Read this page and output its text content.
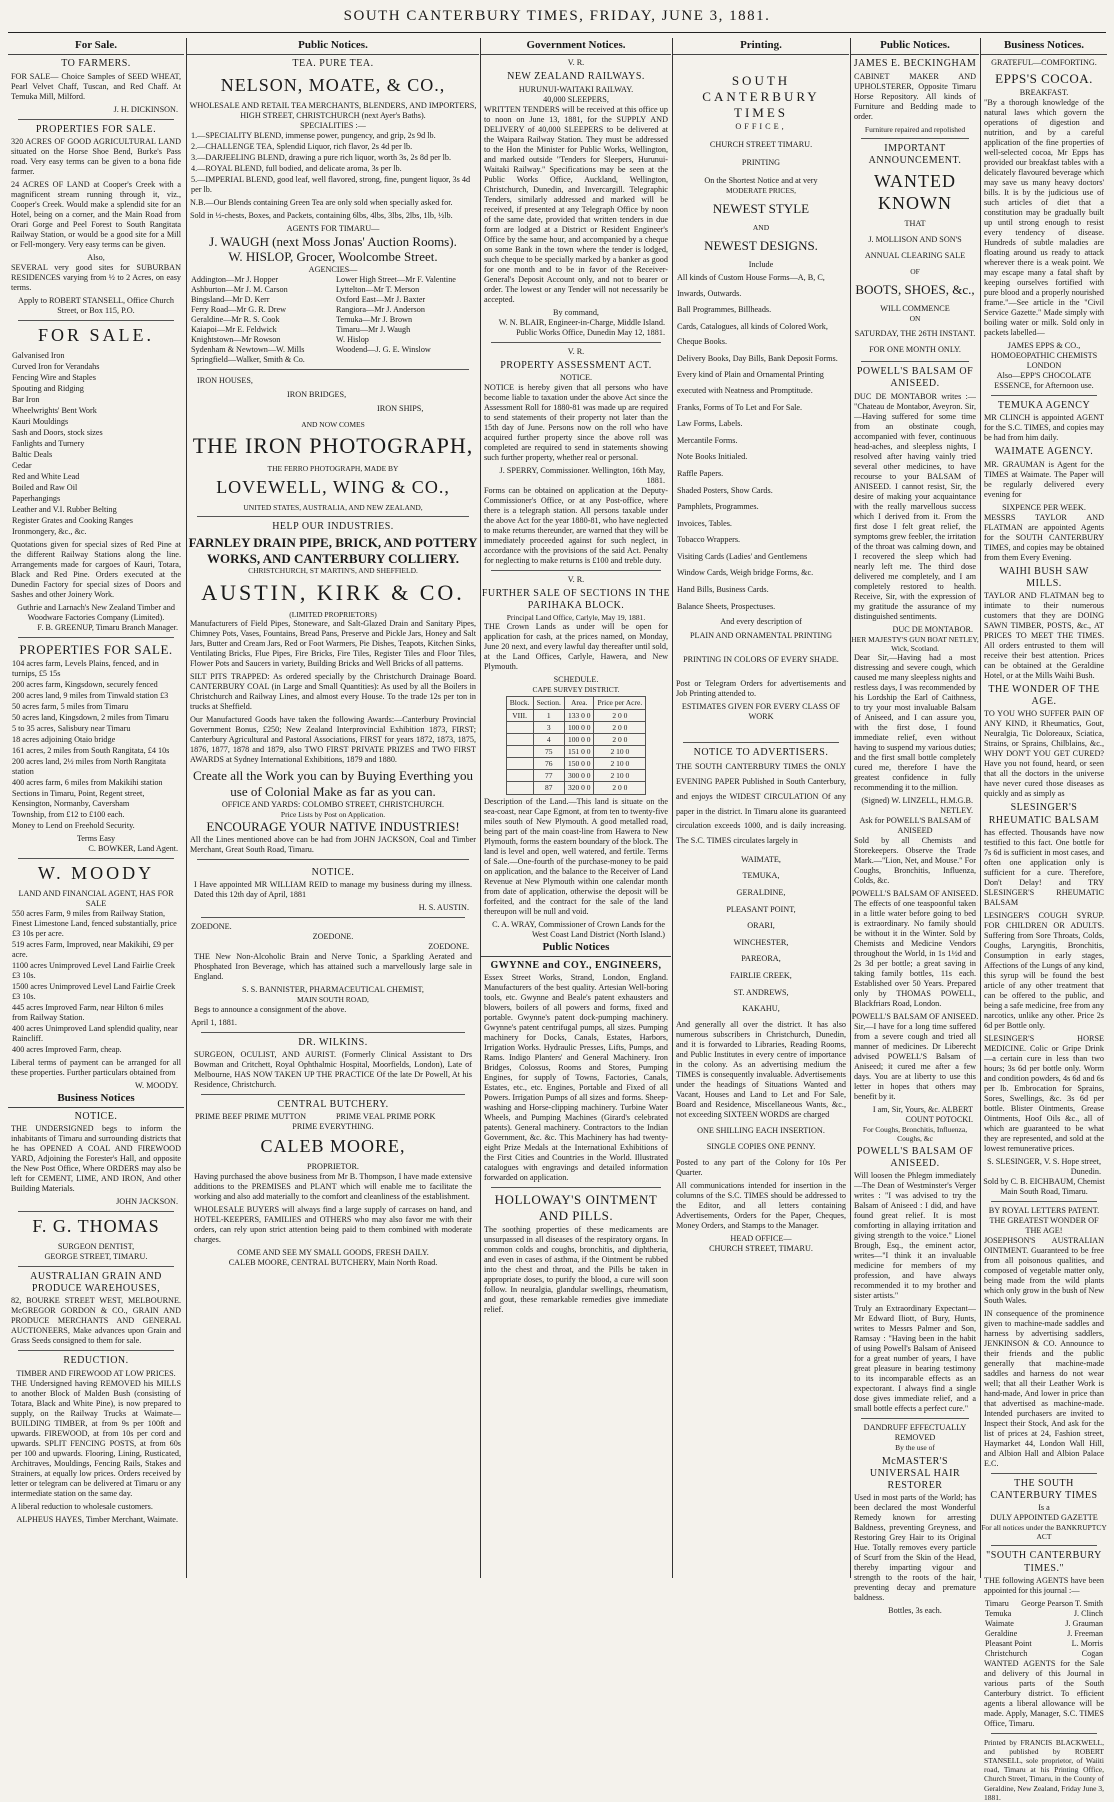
SOUTH CANTERBURY TIMES, FRIDAY, JUNE 3, 1881.
For Sale.
TO FARMERS.

FOR SALE— Choice Samples of SEED WHEAT, Pearl Velvet Chaff, Tuscan, and Red Chaff. At Temuka Mill, Milford.

J. H. DICKINSON.
PROPERTIES FOR SALE.

320 ACRES OF GOOD AGRICULTURAL LAND situated on the Horse Shoe Bend, Burke's Pass road. Very easy terms can be given to a bona fide farmer.

24 ACRES OF LAND at Cooper's Creek with a magnificent stream running through it, viz., Cooper's Creek. Would make a splendid site for an Hotel, being on a corner, and the Main Road from Orari Gorge and Peel Forest to South Rangitata Railway Station, or would be a good site for a Mill or Fell-mongery. Very easy terms can be given.

Also,

SEVERAL very good sites for SUBURBAN RESIDENCES varying from ½ to 2 Acres, on easy terms.

Apply to ROBERT STANSELL, Office Church Street, or Box 115, P.O.
FOR SALE.
Galvanised Iron
Curved Iron for Verandahs
Fencing Wire and Staples
Spouting and Ridging
Bar Iron
Wheelwrights' Bent Work
Kauri Mouldings
Sash and Doors, stock sizes
Fanlights and Turnery
Baltic Deals
Cedar
Red and White Lead
Boiled and Raw Oil
Paperhangings
Leather and V.I. Rubber Belting
Register Grates and Cooking Ranges
Ironmongery, &c., &c.

Quotations given for special sizes of Red Pine at the different Railway Stations along the line. Arrangements made for cargoes of Kauri, Totara, Black and Red Pine. Orders executed at the Dunedin Factory for special sizes of Doors and Sashes and other Joinery Work.

Guthrie and Larnach's New Zealand Timber and Woodware Factories Company (Limited).
F. B. GREENUP, Timaru Branch Manager.
PROPERTIES FOR SALE.
104 acres farm, Levels Plains, fenced, and in turnips, £5 15s
200 acres farm, Kingsdown, securely fenced
200 acres land, 9 miles from Tinwald station £3
50 acres farm, 5 miles from Timaru
50 acres land, Kingsdown, 2 miles from Timaru
5 to 35 acres, Salisbury near Timaru
18 acres adjoining Otaio bridge
161 acres, 2 miles from South Rangitata, £4 10s
200 acres land, 2½ miles from North Rangitata station
400 acres farm, 6 miles from Makikihi station
Sections in Timaru, Point, Regent street, Kensington, Normanby, Caversham
Township, from £12 to £100 each.
Money to Lend on Freehold Security.
Terms Easy
C. BOWKER, Land Agent.
W. MOODY
LAND AND FINANCIAL AGENT, HAS FOR SALE
550 acres Farm, 9 miles from Railway Station, Finest Limestone Land, fenced substantially, price £3 10s per acre.
519 acres Farm, Improved, near Makikihi, £9 per acre.
1100 acres Unimproved Level Land Fairlie Creek £3 10s.
1500 acres Unimproved Level Land Fairlie Creek £3 10s.
445 acres Improved Farm, near Hilton 6 miles from Railway Station.
400 acres Unimproved Land splendid quality, near Raincliff.
400 acres Improved Farm, cheap.

Liberal terms of payment can be arranged for all these properties. Further particulars obtained from

W. MOODY.
Business Notices
NOTICE.

THE UNDERSIGNED begs to inform the inhabitants of Timaru and surrounding districts that he has OPENED A COAL AND FIREWOOD YARD, Adjoining the Forester's Hall, and opposite the New Post Office, Where ORDERS may also be left for CEMENT, LIME, AND IRON, And other Building Materials.

JOHN JACKSON.
F. G. THOMAS
SURGEON DENTIST,
GEORGE STREET, TIMARU.
AUSTRALIAN GRAIN AND PRODUCE WAREHOUSES,

82, BOURKE STREET WEST, MELBOURNE. McGREGOR GORDON & CO., GRAIN AND PRODUCE MERCHANTS AND GENERAL AUCTIONEERS, Make advances upon Grain and Grass Seeds consigned to them for sale.

REDUCTION.
TIMBER AND FIREWOOD AT LOW PRICES.

THE Undersigned having REMOVED his MILLS to another Block of Malden Bush (consisting of Totara, Black and White Pine), is now prepared to supply, on the Railway Trucks at Waimate— BUILDING TIMBER, at from 9s per 100ft and upwards. FIREWOOD, at from 10s per cord and upwards. SPLIT FENCING POSTS, at from 60s per 100 and upwards. Flooring, Lining, Rusticated, Architraves, Mouldings, Fencing Rails, Stakes and Strainers, at equally low prices. Orders received by letter or telegram can be delivered at Timaru or any intermediate station on the same day.

A liberal reduction to wholesale customers.

ALPHEUS HAYES, Timber Merchant, Waimate.
Public Notices.
TEA. PURE TEA.
NELSON, MOATE, & CO.,
WHOLESALE AND RETAIL TEA MERCHANTS, BLENDERS, AND IMPORTERS,
HIGH STREET, CHRISTCHURCH (next Ayer's Baths).
SPECIALITIES :—
1.—SPECIALITY BLEND, immense power, pungency, and grip, 2s 9d lb.
2.—CHALLENGE TEA, Splendid Liquor, rich flavor, 2s 4d per lb.
3.—DARJEELING BLEND, drawing a pure rich liquor, worth 3s, 2s 8d per lb.
4.—ROYAL BLEND, full bodied, and delicate aroma, 3s per lb.
5.—IMPERIAL BLEND, good leaf, well flavored, strong, fine, pungent liquor, 3s 4d per lb.

N.B.—Our Blends containing Green Tea are only sold when specially asked for.

Sold in ½-chests, Boxes, and Packets, containing 6lbs, 4lbs, 3lbs, 2lbs, 1lb, ½lb.

AGENTS FOR TIMARU—
J. WAUGH (next Moss Jonas' Auction Rooms).
W. HISLOP, Grocer, Woolcombe Street.
AGENCIES—
Addington—Mr J. Hopper
Ashburton—Mr J. M. Carson
Bingsland—Mr D. Kerr
Ferry Road—Mr G. R. Drew
Geraldine—Mr R. S. Cook
Kaiapoi—Mr E. Feldwick
Knightstown—Mr Rowson
Sydenham & Newtown—W. Mills
Springfield—Walker, Smith & Co.
Lower High Street—Mr F. Valentine
Lyttelton—Mr T. Merson
Oxford East—Mr J. Baxter
Rangiora—Mr J. Anderson
Temuka—Mr J. Brown
Timaru—Mr J. Waugh
W. Hislop
Woodend—J. G. E. Winslow
IRON HOUSES,
IRON BRIDGES,
IRON SHIPS,
AND NOW COMES
THE IRON PHOTOGRAPH,
THE FERRO PHOTOGRAPH, MADE BY
LOVEWELL, WING & CO.,
UNITED STATES, AUSTRALIA, AND NEW ZEALAND,
HELP OUR INDUSTRIES.
FARNLEY DRAIN PIPE, BRICK, AND POTTERY WORKS, AND CANTERBURY COLLIERY.
CHRISTCHURCH, ST MARTIN'S, AND SHEFFIELD.
AUSTIN, KIRK & CO.
(LIMITED PROPRIETORS)

Manufacturers of Field Pipes, Stoneware, and Salt-Glazed Drain and Sanitary Pipes, Chimney Pots, Vases, Fountains, Bread Pans, Preserve and Pickle Jars, Honey and Salt Jars, Butter and Cream Jars, Red or Foot Warmers, Pie Dishes, Teapots, Kitchen Sinks, Ventilating Bricks, Flue Pipes, Fire Bricks, Fire Tiles, Register Tiles and Floor Tiles, Flower Pots and Saucers in variety, Building Bricks and Well Bricks of all patterns.

SILT PITS TRAPPED: As ordered specially by the Christchurch Drainage Board. CANTERBURY COAL (in Large and Small Quantities): As used by all the Boilers in Christchurch and Railway Lines, and almost every House. To the trade 12s per ton in trucks at Sheffield.

Our Manufactured Goods have taken the following Awards:—Canterbury Provincial Government Bonus, £250; New Zealand Interprovincial Exhibition 1873, FIRST; Canterbury Agricultural and Pastoral Associations, FIRST for years 1872, 1873, 1875, 1876, 1877, 1878 and 1879, also TWO FIRST PRIVATE PRIZES and TWO FIRST AWARDS at Sydney International Exhibitions, 1879 and 1880.

Create all the Work you can by Buying Everthing you use of Colonial Make as far as you can.
OFFICE AND YARDS: COLOMBO STREET, CHRISTCHURCH.
Price Lists by Post on Application.
ENCOURAGE YOUR NATIVE INDUSTRIES!

All the Lines mentioned above can be had from JOHN JACKSON, Coal and Timber Merchant, Great South Road, Timaru.

NOTICE.

I Have appointed MR WILLIAM REID to manage my business during my illness. Dated this 12th day of April, 1881

H. S. AUSTIN.
ZOEDONE.
ZOEDONE.
ZOEDONE.

THE New Non-Alcoholic Brain and Nerve Tonic, a Sparkling Aerated and Phosphated Iron Beverage, which has attained such a marvellously large sale in England.

S. S. BANNISTER, PHARMACEUTICAL CHEMIST,
MAIN SOUTH ROAD,

Begs to announce a consignment of the above.

April 1, 1881.
DR. WILKINS.

SURGEON, OCULIST, AND AURIST. (Formerly Clinical Assistant to Drs Bowman and Critchett, Royal Ophthalmic Hospital, Moorfields, London), Late of Melbourne, HAS NOW TAKEN UP THE PRACTICE Of the late Dr Powell, At his Residence, Christchurch.

CENTRAL BUTCHERY.
PRIME BEEF PRIME MUTTON	PRIME VEAL PRIME PORK
PRIME EVERYTHING.
CALEB MOORE,
PROPRIETOR.

Having purchased the above business from Mr B. Thompson, I have made extensive additions to the PREMISES and PLANT which will enable me to facilitate the working and also add materially to the comfort and cleanliness of the establishment.

WHOLESALE BUYERS will always find a large supply of carcases on hand, and HOTEL-KEEPERS, FAMILIES and OTHERS who may also favor me with their orders, can rely upon strict attention being paid to them combined with moderate charges.

COME AND SEE MY SMALL GOODS, FRESH DAILY.
CALEB MOORE, CENTRAL BUTCHERY, Main North Road.
Government Notices.
V. R.
NEW ZEALAND RAILWAYS.
HURUNUI-WAITAKI RAILWAY.
40,000 SLEEPERS,

WRITTEN TENDERS will be received at this office up to noon on June 13, 1881, for the SUPPLY AND DELIVERY of 40,000 SLEEPERS to be delivered at the Waipara Railway Station. They must be addressed to the Hon the Minister for Public Works, Wellington, and marked outside "Tenders for Sleepers, Hurunui-Waitaki Railway." Specifications may be seen at the Public Works Office, Auckland, Wellington, Christchurch, Dunedin, and Invercargill. Telegraphic Tenders, similarly addressed and marked will be received, if presented at any Telegraph Office by noon of the same date, provided that written tenders in due form are lodged at a District or Resident Engineer's Office by the same hour, and accompanied by a cheque on some Bank in the town where the tender is lodged, such cheque to be specially marked by a banker as good for one month and to be in favor of the Receiver-General's Deposit Account only, and not to bearer or order. The lowest or any Tender will not necessarily be accepted.

By command,
W. N. BLAIR, Engineer-in-Charge, Middle Island. Public Works Office, Dunedin May 12, 1881.
V. R.
PROPERTY ASSESSMENT ACT.
NOTICE.

NOTICE is hereby given that all persons who have become liable to taxation under the above Act since the Assessment Roll for 1880-81 was made up are required to send statements of their property not later than the 15th day of June. Persons now on the roll who have acquired further property since the above roll was completed are required to send in statements showing such further property, whether real or personal.

J. SPERRY, Commissioner. Wellington, 16th May, 1881.

Forms can be obtained on application at the Deputy-Commissioner's Office, or at any Post-office, where there is a telegraph station. All persons taxable under the above Act for the year 1880-81, who have neglected to make returns thereunder, are warned that they will be immediately proceeded against for such neglect, in accordance with the provisions of the said Act. Penalty for neglecting to make returns is £100 and treble duty.

V. R.
FURTHER SALE OF SECTIONS IN THE PARIHAKA BLOCK.
Principal Land Office, Carlyle, May 19, 1881.

THE Crown Lands as under will be open for application for cash, at the prices named, on Monday, June 20 next, and every lawful day thereafter until sold, at the Land Offices, Carlyle, Hawera, and New Plymouth.

SCHEDULE.
CAPE SURVEY DISTRICT.
Block.	Section.	Area.	Price per Acre.
VIII.	1	133 0 0	2 0 0
	3	100 0 0	2 0 0
	4	100 0 0	2 0 0
	75	151 0 0	2 10 0
	76	150 0 0	2 10 0
	77	300 0 0	2 10 0
	87	320 0 0	2 0 0

Description of the Land.—This land is situate on the sea-coast, near Cape Egmont, at from ten to twenty-five miles south of New Plymouth. A good metalled road, being part of the main coast-line from Hawera to New Plymouth, forms the eastern boundary of the block. The land is level and open, well watered, and fertile. Terms of Sale.—One-fourth of the purchase-money to be paid on application, and the balance to the Receiver of Land Revenue at New Plymouth within one calendar month from date of application, otherwise the deposit will be forfeited, and the contract for the sale of the land thereupon will be null and void.

C. A. WRAY, Commissioner of Crown Lands for the West Coast Land District (North Island.)
Public Notices
GWYNNE and COY., ENGINEERS,

Essex Street Works, Strand, London, England. Manufacturers of the best quality. Artesian Well-boring tools, etc. Gwynne and Beale's patent exhausters and blowers, boilers of all powers and forms, fixed and portable. Gwynne's patent dock-pumping machinery. Gwynne's patent centrifugal pumps, all sizes. Pumping machinery for Docks, Canals, Estates, Harbors, Irrigation Works. Hydraulic Presses, Lifts, Pumps, and Rams. Indigo Planters' and General Machinery. Iron Bridges, Colossus, Rooms and Stores, Pumping Engines, for supply of Towns, Factories, Canals, Estates, etc., etc. Engines, Portable and Fixed of all Powers. Irrigation Pumps of all sizes and forms. Sheep-washing and Horse-clipping machinery. Turbine Water Wheels, and Pumping Machines (Girard's celebrated patents). General machinery. Contractors to the Indian Government, &c. &c. This Machinery has had twenty-eight Prize Medals at the International Exhibitions of the First Cities and Countries in the World. Illustrated catalogues with engravings and detailed information forwarded on application.

HOLLOWAY'S OINTMENT AND PILLS.

The soothing properties of these medicaments are unsurpassed in all diseases of the respiratory organs. In common colds and coughs, bronchitis, and diphtheria, and even in cases of asthma, if the Ointment be rubbed into the chest and throat, and the Pills be taken in appropriate doses, to purify the blood, a cure will soon follow. In neuralgia, glandular swellings, rheumatism, and gout, these remarkable remedies give immediate relief.

Printing.
SOUTH CANTERBURY TIMES
OFFICE,
CHURCH STREET TIMARU.
PRINTING
On the Shortest Notice and at very
MODERATE PRICES,
NEWEST STYLE
AND
NEWEST DESIGNS.
Include
All kinds of Custom House Forms—A, B, C, Inwards, Outwards.
Ball Programmes, Billheads.
Cards, Catalogues, all kinds of Colored Work, Cheque Books.
Delivery Books, Day Bills, Bank Deposit Forms.
Every kind of Plain and Ornamental Printing executed with Neatness and Promptitude.
Franks, Forms of To Let and For Sale.
Law Forms, Labels.
Mercantile Forms.
Note Books Initialed.
Raffle Papers.
Shaded Posters, Show Cards.
Pamphlets, Programmes.
Invoices, Tables.
Tobacco Wrappers.
Visiting Cards (Ladies' and Gentlemens
Window Cards, Weigh bridge Forms, &c.
Hand Bills, Business Cards.
Balance Sheets, Prospectuses.
And every description of
PLAIN AND ORNAMENTAL PRINTING
PRINTING IN COLORS OF EVERY SHADE.

Post or Telegram Orders for advertisements and Job Printing attended to.

ESTIMATES GIVEN FOR EVERY CLASS OF WORK
NOTICE TO ADVERTISERS.

THE SOUTH CANTERBURY TIMES the ONLY EVENING PAPER Published in South Canterbury, and enjoys the WIDEST CIRCULATION Of any paper in the district. In Timaru alone its guaranteed circulation exceeds 1000, and is daily increasing. The S.C. TIMES circulates largely in

WAIMATE,
TEMUKA,
GERALDINE,
PLEASANT POINT,
ORARI,
WINCHESTER,
PAREORA,
FAIRLIE CREEK,
ST. ANDREWS,
KAKAHU,

And generally all over the district. It has also numerous subscribers in Christchurch, Dunedin, and it is forwarded to Libraries, Reading Rooms, and Public Institutes in every centre of importance in the colony. As an advertising medium the TIMES is consequently invaluable. Advertisements under the headings of Situations Wanted and Vacant, Houses and Land to Let and For Sale, Board and Residence, Miscellaneous Wants, &c., not exceeding SIXTEEN WORDS are charged

ONE SHILLING EACH INSERTION.
SINGLE COPIES ONE PENNY.

Posted to any part of the Colony for 10s Per Quarter.

All communications intended for insertion in the columns of the S.C. TIMES should be addressed to the Editor, and all letters containing Advertisements, Orders for the Paper, Cheques, Money Orders, and Stamps to the Manager.

HEAD OFFICE—
CHURCH STREET, TIMARU.
Public Notices.
JAMES E. BECKINGHAM

CABINET MAKER AND UPHOLSTERER, Opposite Timaru Horse Repository. All kinds of Furniture and Bedding made to order.

Furniture repaired and repolished
IMPORTANT ANNOUNCEMENT.
WANTED KNOWN
THAT
J. MOLLISON AND SON'S
ANNUAL CLEARING SALE
OF
BOOTS, SHOES, &c.,
WILL COMMENCE
ON
SATURDAY, THE 26TH INSTANT.
FOR ONE MONTH ONLY.
POWELL'S BALSAM OF ANISEED.

DUC DE MONTABOR writes :— "Chateau de Montabor, Aveyron. Sir,—Having suffered for some time from an obstinate cough, accompanied with fever, continuous head-aches, and sleepless nights, I resolved after having vainly tried several other medicines, to have recourse to your BALSAM of ANISEED. I cannot resist, Sir, the desire of making your acquaintance with the really marvellous success which I derived from it. From the first dose I felt great relief, the symptoms grew feebler, the irritation of the throat was calming down, and I recovered the sleep which had nearly left me. The third dose delivered me completely, and I am completely restored to health. Receive, Sir, with the expression of my gratitude the assurance of my distinguished sentiments.

DUC DE MONTABOR.
HER MAJESTY'S GUN BOAT NETLEY, Wick, Scotland.

Dear Sir,—Having had a most distressing and severe cough, which caused me many sleepless nights and restless days, I was recommended by his Lordship the Earl of Caithness, to try your most invaluable Balsam of Aniseed, and I can assure you, with the first dose, I found immediate relief, even without having to suspend my various duties; and the first small bottle completely cured me, therefore I have the greatest confidence in fully recommending it to the million.

(Signed) W. LINZELL, H.M.G.B. NETLEY.
Ask for POWELL'S BALSAM of ANISEED

Sold by all Chemists and Storekeepers. Observe the Trade Mark.—"Lion, Net, and Mouse." For Coughs, Bronchitis, Influenza, Colds, &c.

POWELL'S BALSAM OF ANISEED.

The effects of one teaspoonful taken in a little water before going to bed is extraordinary. No family should be without it in the Winter. Sold by Chemists and Medicine Vendors throughout the World, in 1s 1½d and 2s 3d per bottle; a great saving in taking family bottles, 11s each. Established over 50 Years. Prepared only by THOMAS POWELL, Blackfriars Road, London.

POWELL'S BALSAM OF ANISEED.

Sir,—I have for a long time suffered from a severe cough and tried all manner of medicines. Dr Liberecht advised POWELL'S Balsam of Aniseed; it cured me after a few days. You are at liberty to use this letter in hopes that others may benefit by it.

I am, Sir, Yours, &c. ALBERT COUNT POTOCKI.
For Coughs, Bronchitis, Influenza, Coughs, &c
POWELL'S BALSAM OF ANISEED.

Will loosen the Phlegm immediately—The Dean of Westminster's Verger writes : "I was advised to try the Balsam of Aniseed : I did, and have found great relief. It is most comforting in allaying irritation and giving strength to the voice." Lionel Brough, Esq., the eminent actor, writes—"I think it an invaluable medicine for members of my profession, and have always recommended it to my brother and sister artists."

Truly an Extraordinary Expectant—Mr Edward Iliott, of Bury, Hunts, writes to Messrs Palmer and Son, Ramsay : "Having been in the habit of using Powell's Balsam of Aniseed for a great number of years, I have great pleasure in bearing testimony to its incomparable effects as an expectorant. I always find a single dose gives immediate relief, and a small bottle effects a perfect cure."

DANDRUFF EFFECTUALLY REMOVED
By the use of
McMASTER'S UNIVERSAL HAIR RESTORER

Used in most parts of the World; has been declared the most Wonderful Remedy known for arresting Baldness, preventing Greyness, and Restoring Grey Hair to its Original Hue. Totally removes every particle of Scurf from the Skin of the Head, thereby imparting vigour and strength to the roots of the hair, preventing decay and premature baldness.

Bottles, 3s each.
Business Notices.
GRATEFUL—COMFORTING.
EPPS'S COCOA.
BREAKFAST.

"By a thorough knowledge of the natural laws which govern the operations of digestion and nutrition, and by a careful application of the fine properties of well-selected cocoa, Mr Epps has provided our breakfast tables with a delicately flavoured beverage which may save us many heavy doctors' bills. It is by the judicious use of such articles of diet that a constitution may be gradually built up until strong enough to resist every tendency of disease. Hundreds of subtle maladies are floating around us ready to attack wherever there is a weak point. We may escape many a fatal shaft by keeping ourselves fortified with pure blood and a properly nourished frame."—See article in the "Civil Service Gazette." Made simply with boiling water or milk. Sold only in packets labelled—

JAMES EPPS & CO., HOMOEOPATHIC CHEMISTS LONDON
Also—EPP'S CHOCOLATE ESSENCE, for Afternoon use.
TEMUKA AGENCY

MR CLINCH is appointed AGENT for the S.C. TIMES, and copies may be had from him daily.

WAIMATE AGENCY.

MR. GRAUMAN is Agent for the TIMES at Waimate. The Paper will be regularly delivered every evening for

SIXPENCE PER WEEK.

MESSRS TAYLOR AND FLATMAN are appointed Agents for the SOUTH CANTERBURY TIMES, and copies may be obtained from them Every Evening.

WAIHI BUSH SAW MILLS.

TAYLOR AND FLATMAN beg to intimate to their numerous customers that they are DOING SAWN TIMBER, POSTS, &c., AT PRICES TO MEET THE TIMES. All orders entrusted to them will receive their best attention. Prices can be obtained at the Geraldine Hotel, or at the Mills Waihi Bush.

THE WONDER OF THE AGE.

TO YOU WHO SUFFER PAIN OF ANY KIND, it Rheumatics, Gout, Neuralgia, Tic Doloreaux, Sciatica, Strains, or Sprains, Chilblains, &c., WHY DON'T YOU GET CURED? Have you not found, heard, or seen that all the doctors in the universe have never cured those diseases as quickly and as simply as

SLESINGER'S RHEUMATIC BALSAM

has effected. Thousands have now testified to this fact. One bottle for 7s 6d is sufficient in most cases, and often one application only is sufficient for a cure. Therefore, Don't Delay! and TRY SLESINGER'S RHEUMATIC BALSAM

LESINGER'S COUGH SYRUP. FOR CHILDREN OR ADULTS. Suffering from Sore Throats, Colds, Coughs, Laryngitis, Bronchitis, Consumption in early stages, Affections of the Lungs of any kind, this syrup will be found the best article of any other treatment that can be offered to the public, and being a safe medicine, free from any narcotics, unlike any other. Price 2s 6d per Bottle only.

SLESINGER'S HORSE MEDICINE. Colic or Gripe Drink—a certain cure in less than two hours; 3s 6d per bottle only. Worm and condition powders, 4s 6d and 6s per lb. Embrocation for Sprains, Sores, Swellings, &c. 3s 6d per bottle. Blister Ointments, Grease Ointments, Hoof Oils &c., all of which are guaranteed to be what they are represented, and sold at the lowest remunerative prices.

S. SLESINGER, V. S. Hope street, Dunedin.
Sold by C. B. EICHBAUM, Chemist Main South Road, Timaru.
BY ROYAL LETTERS PATENT. THE GREATEST WONDER OF THE AGE!

JOSEPHSON'S AUSTRALIAN OINTMENT. Guaranteed to be free from all poisonous qualities, and composed of vegetable matter only, being made from the wild plants which only grow in the bush of New South Wales.

IN consequence of the prominence given to machine-made saddles and harness by advertising saddlers, JENKINSON & CO. Announce to their friends and the public generally that machine-made saddles and harness do not wear well; that all their Leather Work is hand-made, And lower in price than that advertised as machine-made. Intended purchasers are invited to Inspect their Stock, And ask for the list of prices at 24, Fashion street, Haymarket 44, London Wall Hill, and Albion Hall and Albion Palace E.C.

THE SOUTH CANTERBURY TIMES
Is a
DULY APPOINTED GAZETTE
For all notices under the BANKRUPTCY ACT
"SOUTH CANTERBURY TIMES."

THE following AGENTS have been appointed for this journal :—

Timaru George Pearson T. Smith
Temuka	J. Clinch
Waimate	J. Grauman
Geraldine	J. Freeman
Pleasant Point	L. Morris
Christchurch	Cogan

WANTED AGENTS for the Sale and delivery of this Journal in various parts of the South Canterbury district. To efficient agents a liberal allowance will be made. Apply, Manager, S.C. TIMES Office, Timaru.

Printed by FRANCIS BLACKWELL, and published by ROBERT STANSELL, sole proprietor, of Waiiti road, Timaru at his Printing Office, Church Street, Timaru, in the County of Geraldine, New Zealand, Friday June 3, 1881.
